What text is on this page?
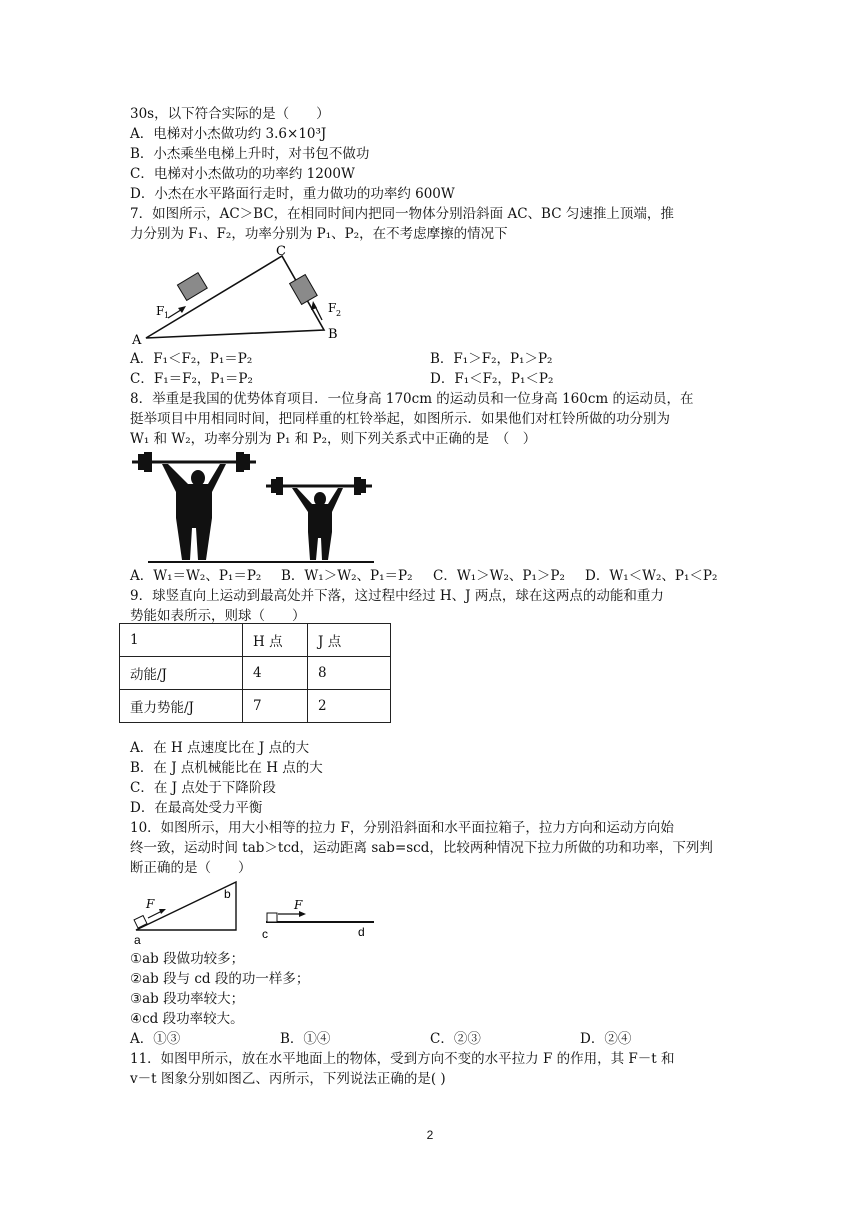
30s，以下符合实际的是（　　）
A．电梯对小杰做功约 3.6×10³J
B．小杰乘坐电梯上升时，对书包不做功
C．电梯对小杰做功的功率约 1200W
D．小杰在水平路面行走时，重力做功的功率约 600W
7．如图所示，AC＞BC，在相同时间内把同一物体分别沿斜面 AC、BC 匀速推上顶端，推
力分别为 F₁、F₂，功率分别为 P₁、P₂，在不考虑摩擦的情况下
A	B
C
F 1
F 2
A．F₁＜F₂，P₁＝P₂	B．F₁＞F₂，P₁＞P₂
C．F₁＝F₂，P₁＝P₂	D．F₁＜F₂，P₁＜P₂
8．举重是我国的优势体育项目．一位身高 170cm 的运动员和一位身高 160cm 的运动员，在
挺举项目中用相同时间，把同样重的杠铃举起，如图所示．如果他们对杠铃所做的功分别为
W₁ 和 W₂，功率分别为 P₁ 和 P₂，则下列关系式中正确的是　（　）
A．W₁＝W₂、P₁＝P₂ B．W₁＞W₂、P₁＝P₂ C．W₁＞W₂、P₁＞P₂ D．W₁＜W₂、P₁＜P₂
9．球竖直向上运动到最高处并下落，这过程中经过 H、J 两点，球在这两点的动能和重力
势能如表所示，则球（　　）
1	H 点	J 点
动能/J	4	8
重力势能/J	7	2
A．在 H 点速度比在 J 点的大
B．在 J 点机械能比在 H 点的大
C．在 J 点处于下降阶段
D．在最高处受力平衡
10．如图所示，用大小相等的拉力 F，分别沿斜面和水平面拉箱子，拉力方向和运动方向始
终一致，运动时间 tab＞tcd，运动距离 sab=scd，比较两种情况下拉力所做的功和功率，下列判
断正确的是（　　）
F
a
b
F
c	d
①ab 段做功较多；
②ab 段与 cd 段的功一样多；
③ab 段功率较大；
④cd 段功率较大。
A．①③	B．①④	C．②③	D．②④
11．如图甲所示，放在水平地面上的物体，受到方向不变的水平拉力 F 的作用，其 F－t 和
v－t 图象分别如图乙、丙所示，下列说法正确的是( )
2
